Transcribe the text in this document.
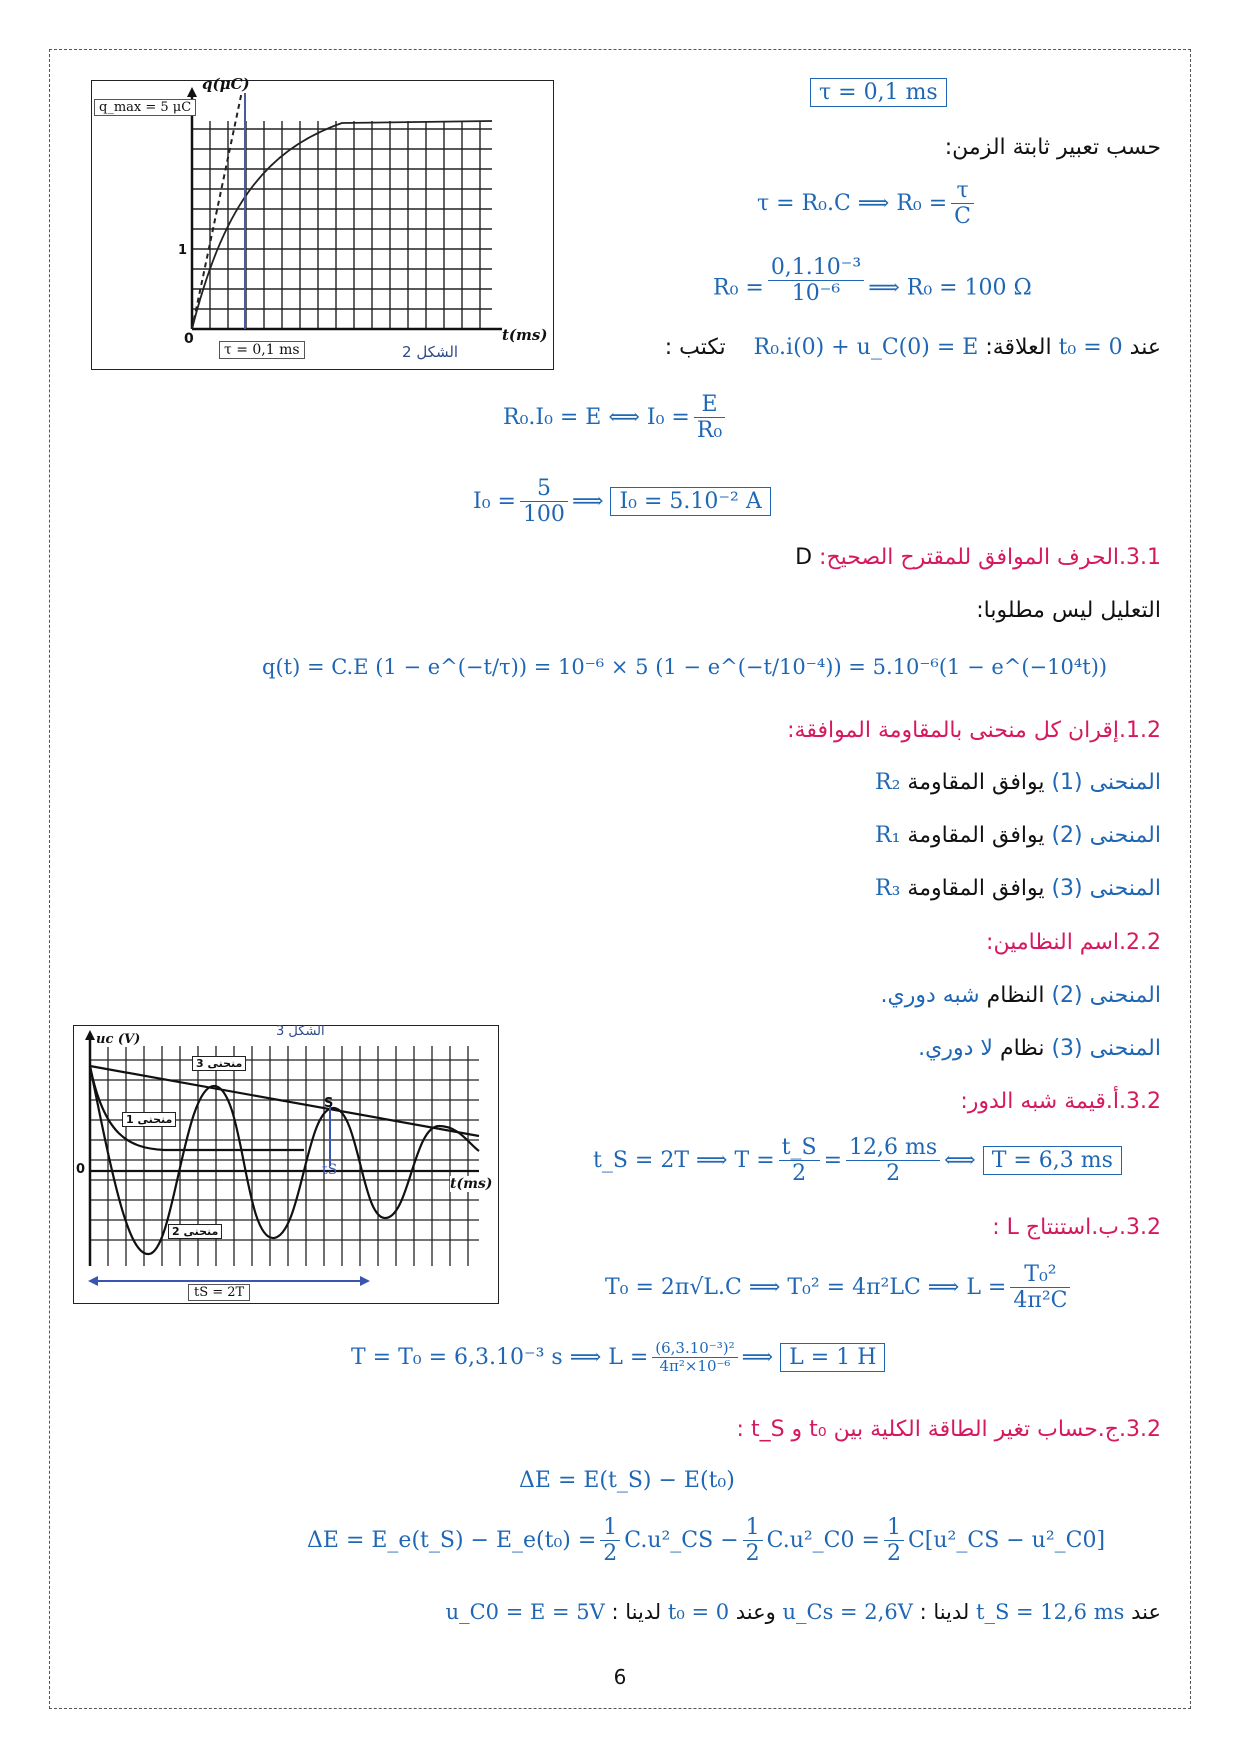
q(μC)
q_max = 5 μC
1
0	t(ms)
τ = 0,1 ms	الشكل 2
الشكل 3
uc (V)
0
t(ms)
منحنى 3
منحنى 1
منحنى 2
S
tS
tS = 2T
τ = 0,1 ms
حسب تعبير ثابتة الزمن:
τ = R₀.C ⟹ $R_0 = \frac{\tau}{C}$
$R_0 = \frac{\text{0,1.10⁻³}}{\text{10⁻⁶}}$ ⟹ R₀ = 100 Ω
عند t₀ = 0 العلاقة: R₀.i(0) + u_C(0) = E    تكتب :
R₀.I₀ = E ⟺ $I_0 = \frac{E}{\text{R₀}}$
$I_0 = \frac{5}{100}$ ⟹ I₀ = 5.10⁻² A
3.1.الحرف الموافق للمقترح الصحيح: D
التعليل ليس مطلوبا:
q(t) = C.E (1 − e^(−t/τ)) = 10⁻⁶ × 5 (1 − e^(−t/10⁻⁴)) = 5.10⁻⁶(1 − e^(−10⁴t))
1.2.إقران كل منحنى بالمقاومة الموافقة:
المنحنى (1) يوافق المقاومة R₂
المنحنى (2) يوافق المقاومة R₁
المنحنى (3) يوافق المقاومة R₃
2.2.اسم النظامين:
المنحنى (2) النظام شبه دوري.
المنحنى (3) نظام لا دوري.
3.2.أ.قيمة شبه الدور:
t_S = 2T ⟹ $T = \frac{t\_S}{2} = \frac{12,6 ms}{2}$ ⟺ T = 6,3 ms
3.2.ب.استنتاج L :
T₀ = 2π√L.C ⟹ T₀² = 4π²LC ⟹ $L = \frac{\text{T₀²}}{\text{4π²C}}$
T = T₀ = 6,3.10⁻³ s ⟹ $L = \frac{\text{(6,3.10⁻³)²}}{\text{4π²×10⁻⁶}}$ ⟹ L = 1 H
3.2.ج.حساب تغير الطاقة الكلية بين t₀ و t_S :
ΔE = E(t_S) − E(t₀)
ΔE = E_e(t_S) − E_e(t₀) = $\frac{1}{2}$ C.u²_CS − $\frac{1}{2}$ C.u²_C0 = $\frac{1}{2}$ C[u²_CS − u²_C0]
عند t_S = 12,6 ms لدينا : u_Cs = 2,6V وعند t₀ = 0 لدينا : u_C0 = E = 5V
6
